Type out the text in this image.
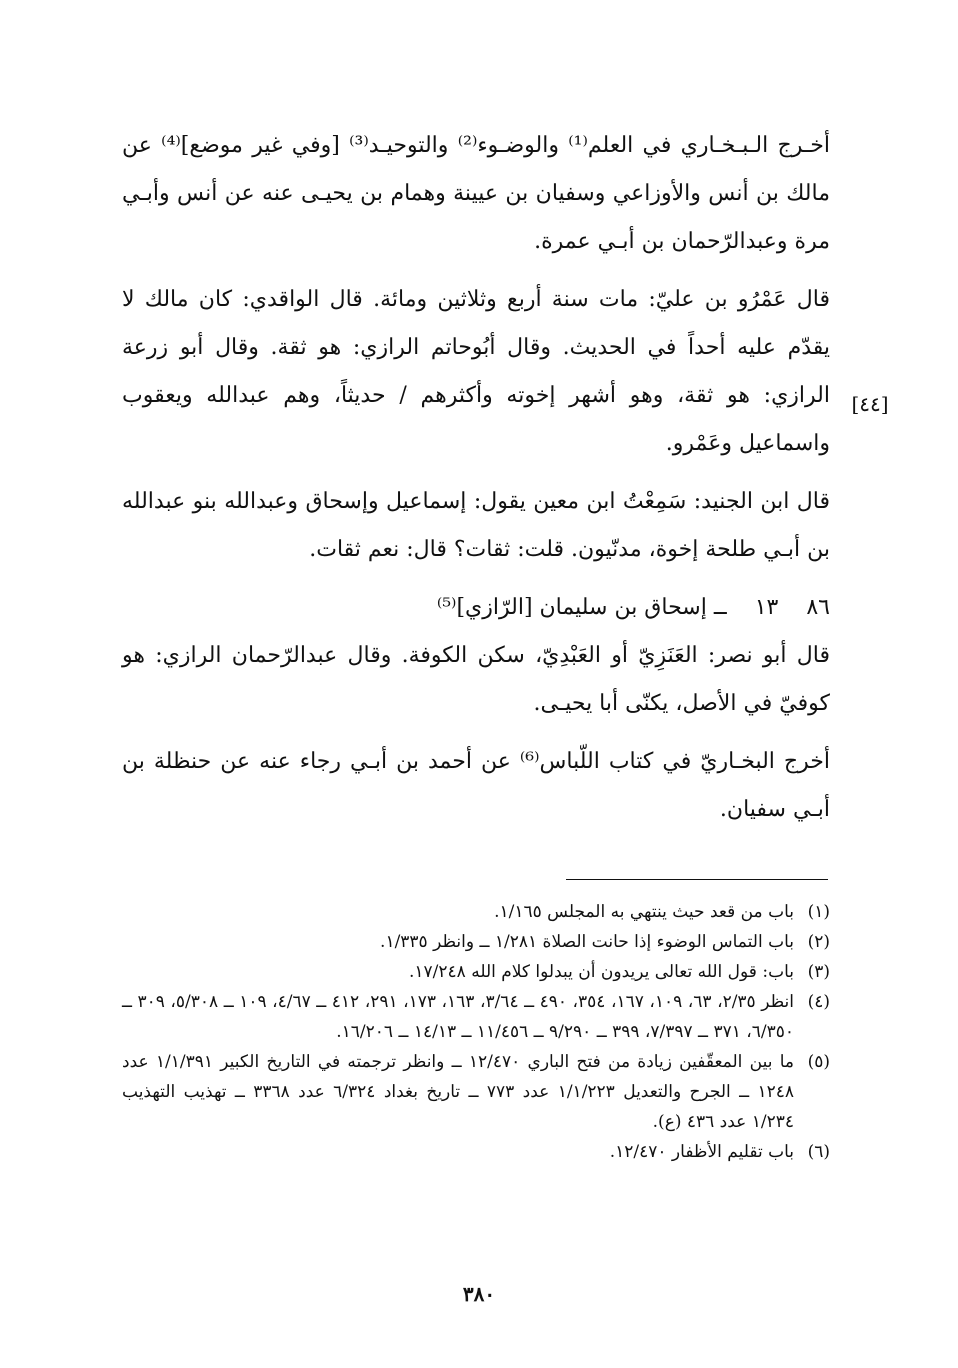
أخـرج الـبـخـاري في العلم⁽¹⁾ والوضـوء⁽²⁾ والتوحيـد⁽³⁾ [وفي غير موضع]⁽⁴⁾ عن مالك بن أنس والأوزاعي وسفيان بن عيينة وهمام بن يحيـى عنه عن أنس وأبـي مرة وعبدالرّحمان بن أبـي عمرة.

قال عَمْرُو بن عليّ: مات سنة أربع وثلاثين ومائة. قال الواقدي: كان مالك لا يقدّم عليه أحداً في الحديث. وقال أبُوحاتم الرازي: هو ثقة. وقال أبو زرعة الرازي: هو ثقة، وهو أشهر إخوته وأكثرهم / حديثاً، وهم عبدالله ويعقوب واسماعيل وعَمْرو.

قال ابن الجنيد: سَمِعْتُ ابن معين يقول: إسماعيل وإسحاق وعبدالله بنو عبدالله بن أبـي طلحة إخوة، مدنّيون. قلت: ثقات؟ قال: نعم ثقات.

٨٦
١٣
ــ إسحاق بن سليمان [الرّازي]⁽⁵⁾

قال أبو نصر: العَنَزِيّ أو العَبْدِيّ، سكن الكوفة. وقال عبدالرّحمان الرازي: هو كوفيّ في الأصل، يكنّى أبا يحيـى.

أخرج البخـاريّ في كتاب اللّباس⁽⁶⁾ عن أحمد بن أبـي رجاء عنه عن حنظلة بن أبـي سفيان.

[٤٤]
(١)
باب من قعد حيث ينتهي به المجلس ١/١٦٥.
(٢)
باب التماس الوضوء إذا حانت الصلاة ١/٢٨١ ــ وانظر ١/٣٣٥.
(٣)
باب: قول الله تعالى يريدون أن يبدلوا كلام الله ١٧/٢٤٨.
(٤)
انظر ٢/٣٥، ٦٣، ١٠٩، ١٦٧، ٣٥٤، ٤٩٠ ــ ٣/٦٤، ١٦٣، ١٧٣، ٢٩١، ٤١٢ ــ ٤/٦٧، ١٠٩ ــ ٥/٣٠٨، ٣٠٩ ــ ٦/٣٥٠، ٣٧١ ــ ٧/٣٩٧، ٣٩٩ ــ ٩/٢٩٠ ــ ١١/٤٥٦ ــ ١٤/١٣ ــ ١٦/٢٠٦.
(٥)
ما بين المعقّفين زيادة من فتح الباري ١٢/٤٧٠ ــ وانظر ترجمته في التاريخ الكبير ١/١/٣٩١ عدد ١٢٤٨ ــ الجرح والتعديل ١/١/٢٢٣ عدد ٧٧٣ ــ تاريخ بغداد ٦/٣٢٤ عدد ٣٣٦٨ ــ تهذيب التهذيب ١/٢٣٤ عدد ٤٣٦ (ع).
(٦)
باب تقليم الأظفار ١٢/٤٧٠.
٣٨٠
